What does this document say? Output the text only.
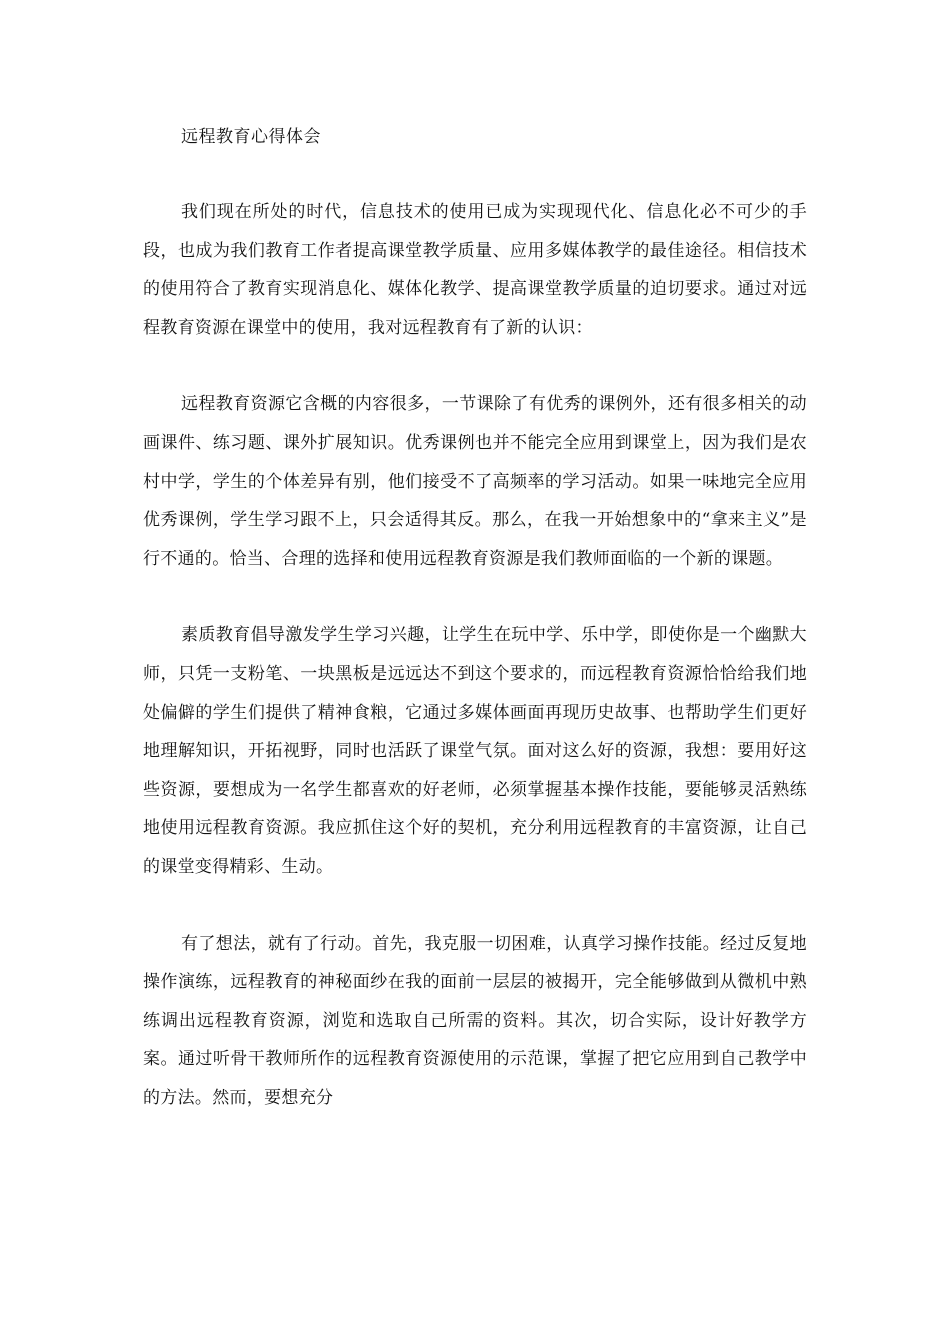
远程教育心得体会

我们现在所处的时代，信息技术的使用已成为实现现代化、信息化必不可少的手段，也成为我们教育工作者提高课堂教学质量、应用多媒体教学的最佳途径。相信技术的使用符合了教育实现消息化、媒体化教学、提高课堂教学质量的迫切要求。通过对远程教育资源在课堂中的使用，我对远程教育有了新的认识：

远程教育资源它含概的内容很多，一节课除了有优秀的课例外，还有很多相关的动画课件、练习题、课外扩展知识。优秀课例也并不能完全应用到课堂上，因为我们是农村中学，学生的个体差异有别，他们接受不了高频率的学习活动。如果一味地完全应用优秀课例，学生学习跟不上，只会适得其反。那么，在我一开始想象中的“拿来主义”是行不通的。恰当、合理的选择和使用远程教育资源是我们教师面临的一个新的课题。

素质教育倡导激发学生学习兴趣，让学生在玩中学、乐中学，即使你是一个幽默大师，只凭一支粉笔、一块黑板是远远达不到这个要求的，而远程教育资源恰恰给我们地处偏僻的学生们提供了精神食粮，它通过多媒体画面再现历史故事、也帮助学生们更好地理解知识，开拓视野，同时也活跃了课堂气氛。面对这么好的资源，我想：要用好这些资源，要想成为一名学生都喜欢的好老师，必须掌握基本操作技能，要能够灵活熟练地使用远程教育资源。我应抓住这个好的契机，充分利用远程教育的丰富资源，让自己的课堂变得精彩、生动。

有了想法，就有了行动。首先，我克服一切困难，认真学习操作技能。经过反复地操作演练，远程教育的神秘面纱在我的面前一层层的被揭开，完全能够做到从微机中熟练调出远程教育资源，浏览和选取自己所需的资料。其次，切合实际，设计好教学方案。通过听骨干教师所作的远程教育资源使用的示范课，掌握了把它应用到自己教学中的方法。然而，要想充分
